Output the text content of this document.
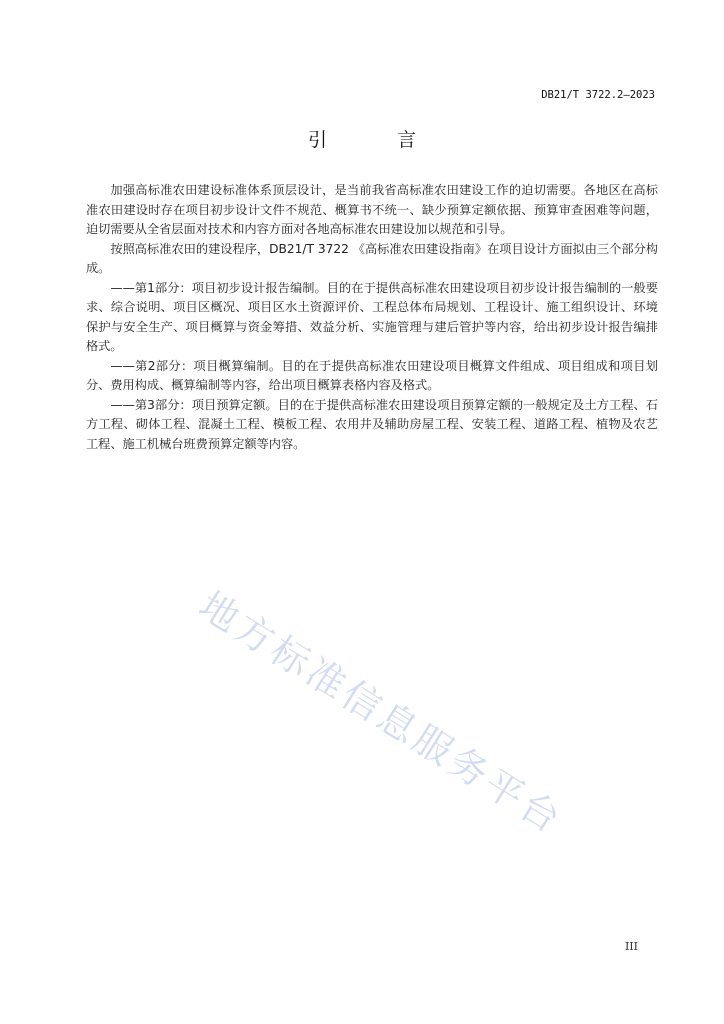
DB21/T 3722.2—2023
引 言

加强高标准农田建设标准体系顶层设计，是当前我省高标准农田建设工作的迫切需要。各地区在高标准农田建设时存在项目初步设计文件不规范、概算书不统一、缺少预算定额依据、预算审查困难等问题，迫切需要从全省层面对技术和内容方面对各地高标准农田建设加以规范和引导。

按照高标准农田的建设程序，DB21/T 3722 《高标准农田建设指南》在项目设计方面拟由三个部分构成。

——第1部分：项目初步设计报告编制。目的在于提供高标准农田建设项目初步设计报告编制的一般要求、综合说明、项目区概况、项目区水土资源评价、工程总体布局规划、工程设计、施工组织设计、环境保护与安全生产、项目概算与资金筹措、效益分析、实施管理与建后管护等内容，给出初步设计报告编排格式。

——第2部分：项目概算编制。目的在于提供高标准农田建设项目概算文件组成、项目组成和项目划分、费用构成、概算编制等内容，给出项目概算表格内容及格式。

——第3部分：项目预算定额。目的在于提供高标准农田建设项目预算定额的一般规定及土方工程、石方工程、砌体工程、混凝土工程、模板工程、农用井及辅助房屋工程、安装工程、道路工程、植物及农艺工程、施工机械台班费预算定额等内容。

地方标准信息服务平台
III
